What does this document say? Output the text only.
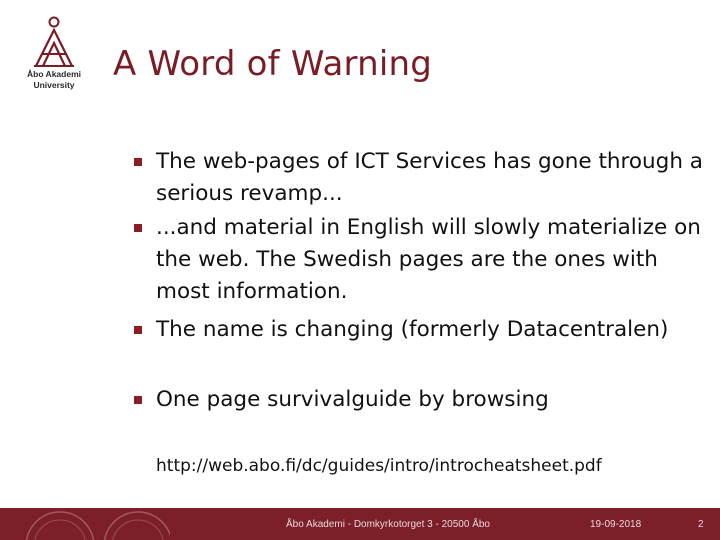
Åbo Akademi
University
A Word of Warning
The web-pages of ICT Services has gone through a serious revamp...
...and material in English will slowly materialize on the web. The Swedish pages are the ones with most information.
The name is changing (formerly Datacentralen)
One page survivalguide by browsing
http://web.abo.fi/dc/guides/intro/introcheatsheet.pdf
Åbo Akademi - Domkyrkotorget 3 - 20500 Åbo	19-09-2018	2
